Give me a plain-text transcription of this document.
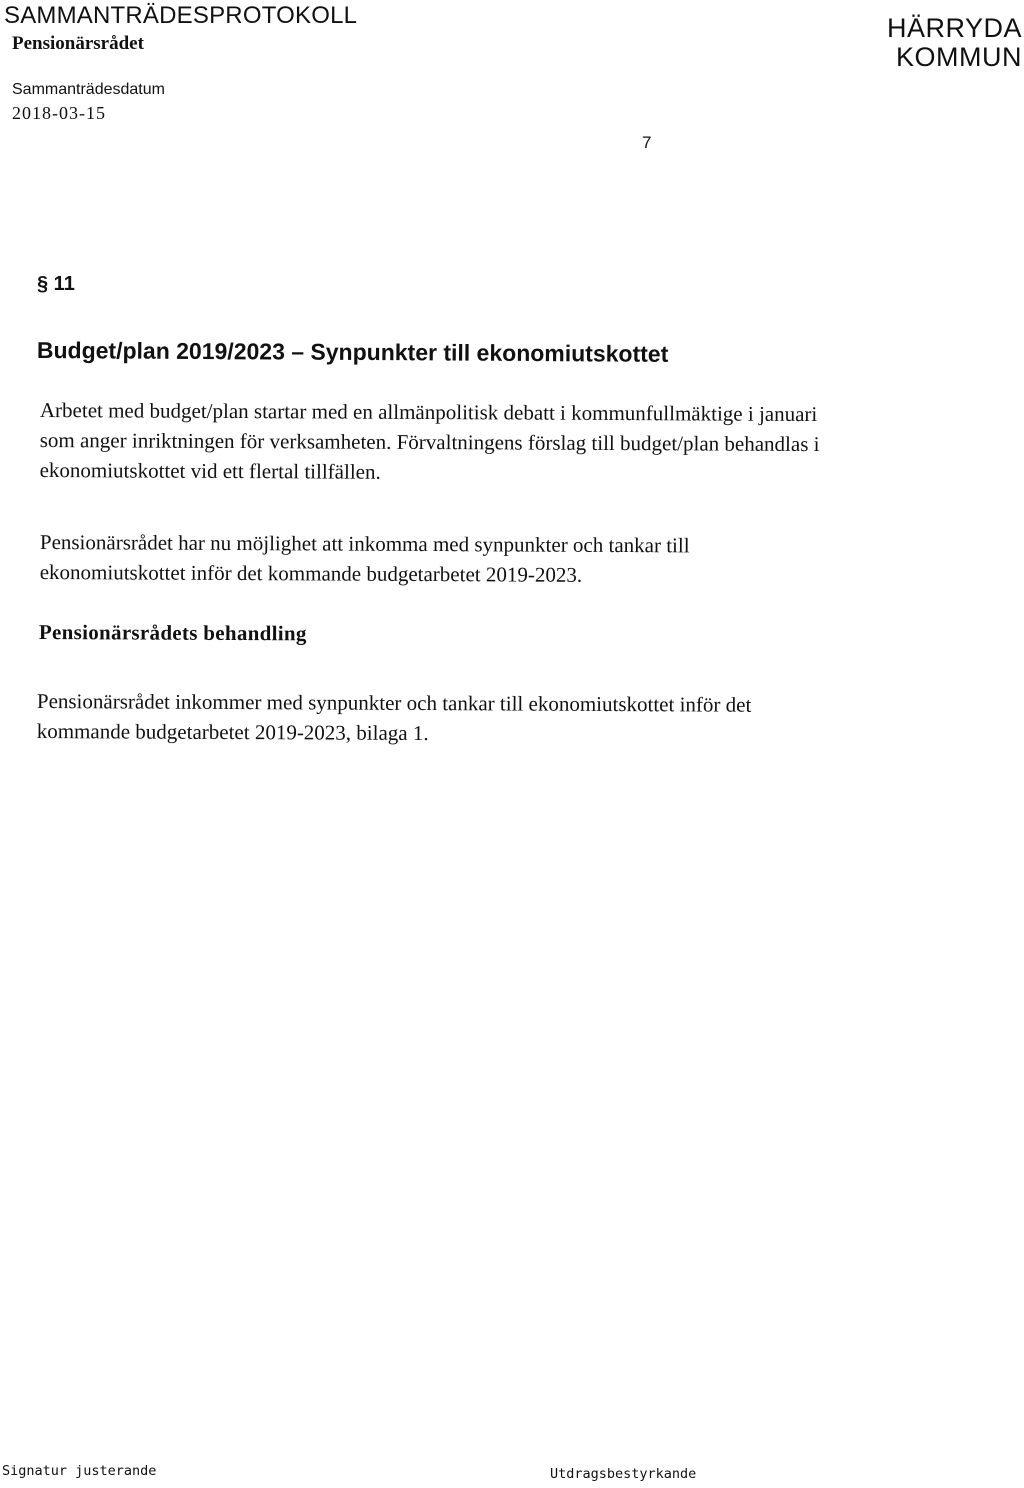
SAMMANTRÄDESPROTOKOLL
Pensionärsrådet
Sammanträdesdatum
2018-03-15
HÄRRYDA
KOMMUN
7
§ 11
Budget/plan 2019/2023 – Synpunkter till ekonomiutskottet
Arbetet med budget/plan startar med en allmänpolitisk debatt i kommunfullmäktige i januari
som anger inriktningen för verksamheten. Förvaltningens förslag till budget/plan behandlas i
ekonomiutskottet vid ett flertal tillfällen.
Pensionärsrådet har nu möjlighet att inkomma med synpunkter och tankar till
ekonomiutskottet inför det kommande budgetarbetet 2019-2023.
Pensionärsrådets behandling
Pensionärsrådet inkommer med synpunkter och tankar till ekonomiutskottet inför det
kommande budgetarbetet 2019-2023, bilaga 1.
Signatur justerande	Utdragsbestyrkande
